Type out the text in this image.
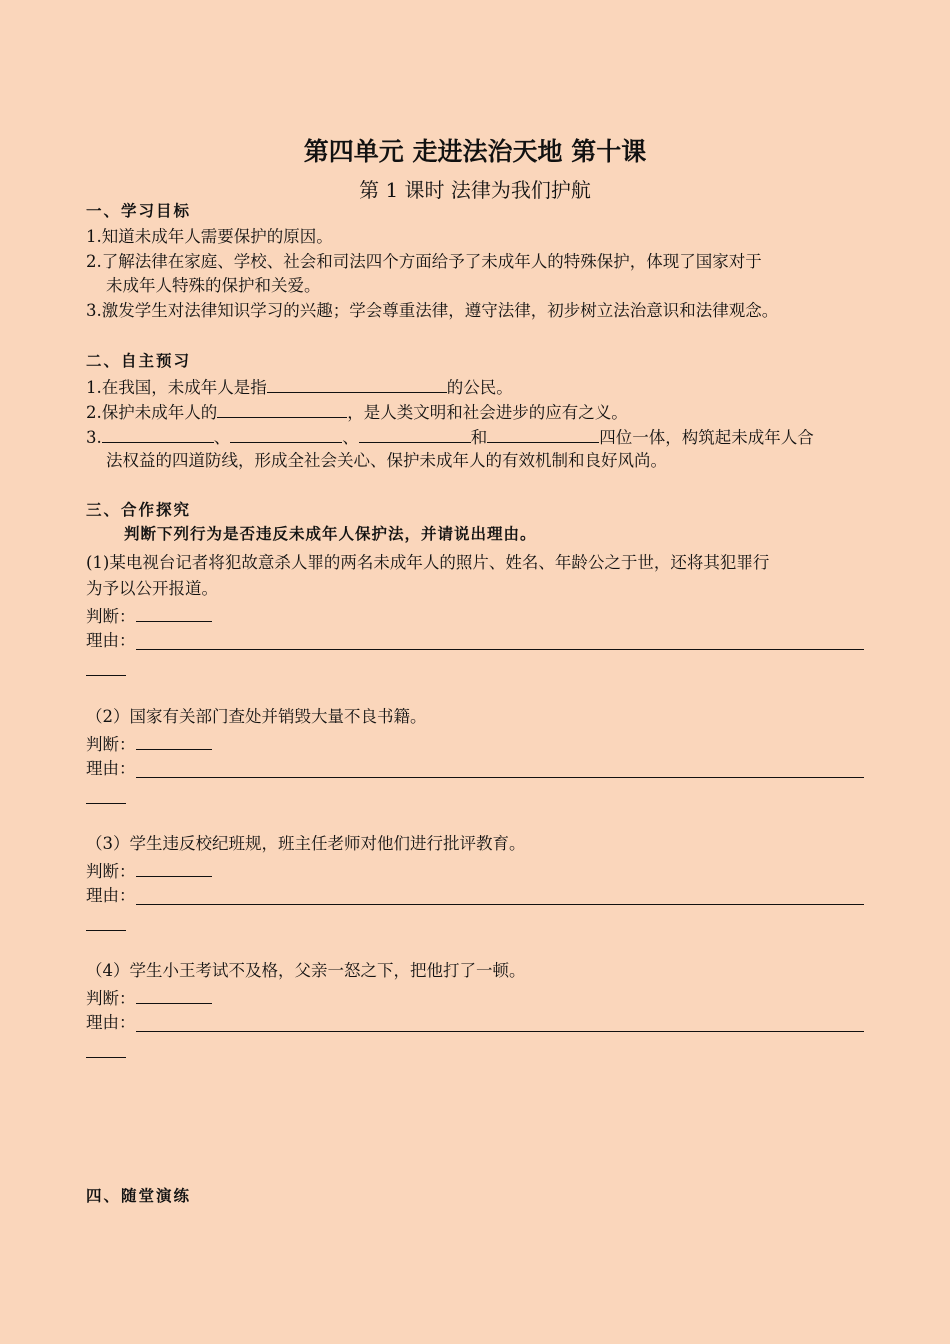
第四单元 走进法治天地 第十课
第 1 课时 法律为我们护航
一、学习目标
1.知道未成年人需要保护的原因。
2.了解法律在家庭、学校、社会和司法四个方面给予了未成年人的特殊保护，体现了国家对于
未成年人特殊的保护和关爱。
3.激发学生对法律知识学习的兴趣；学会尊重法律，遵守法律，初步树立法治意识和法律观念。
二、自主预习
1.在我国，未成年人是指	的公民。
2.保护未成年人的	，是人类文明和社会进步的应有之义。
3.	、	、	和	四位一体，构筑起未成年人合
法权益的四道防线，形成全社会关心、保护未成年人的有效机制和良好风尚。
三、合作探究
判断下列行为是否违反未成年人保护法，并请说出理由。
(1)某电视台记者将犯故意杀人罪的两名未成年人的照片、姓名、年龄公之于世，还将其犯罪行
为予以公开报道。
判断：
理由：
（2）国家有关部门查处并销毁大量不良书籍。
判断：
理由：
（3）学生违反校纪班规，班主任老师对他们进行批评教育。
判断：
理由：
（4）学生小王考试不及格，父亲一怒之下，把他打了一顿。
判断：
理由：
四、随堂演练
